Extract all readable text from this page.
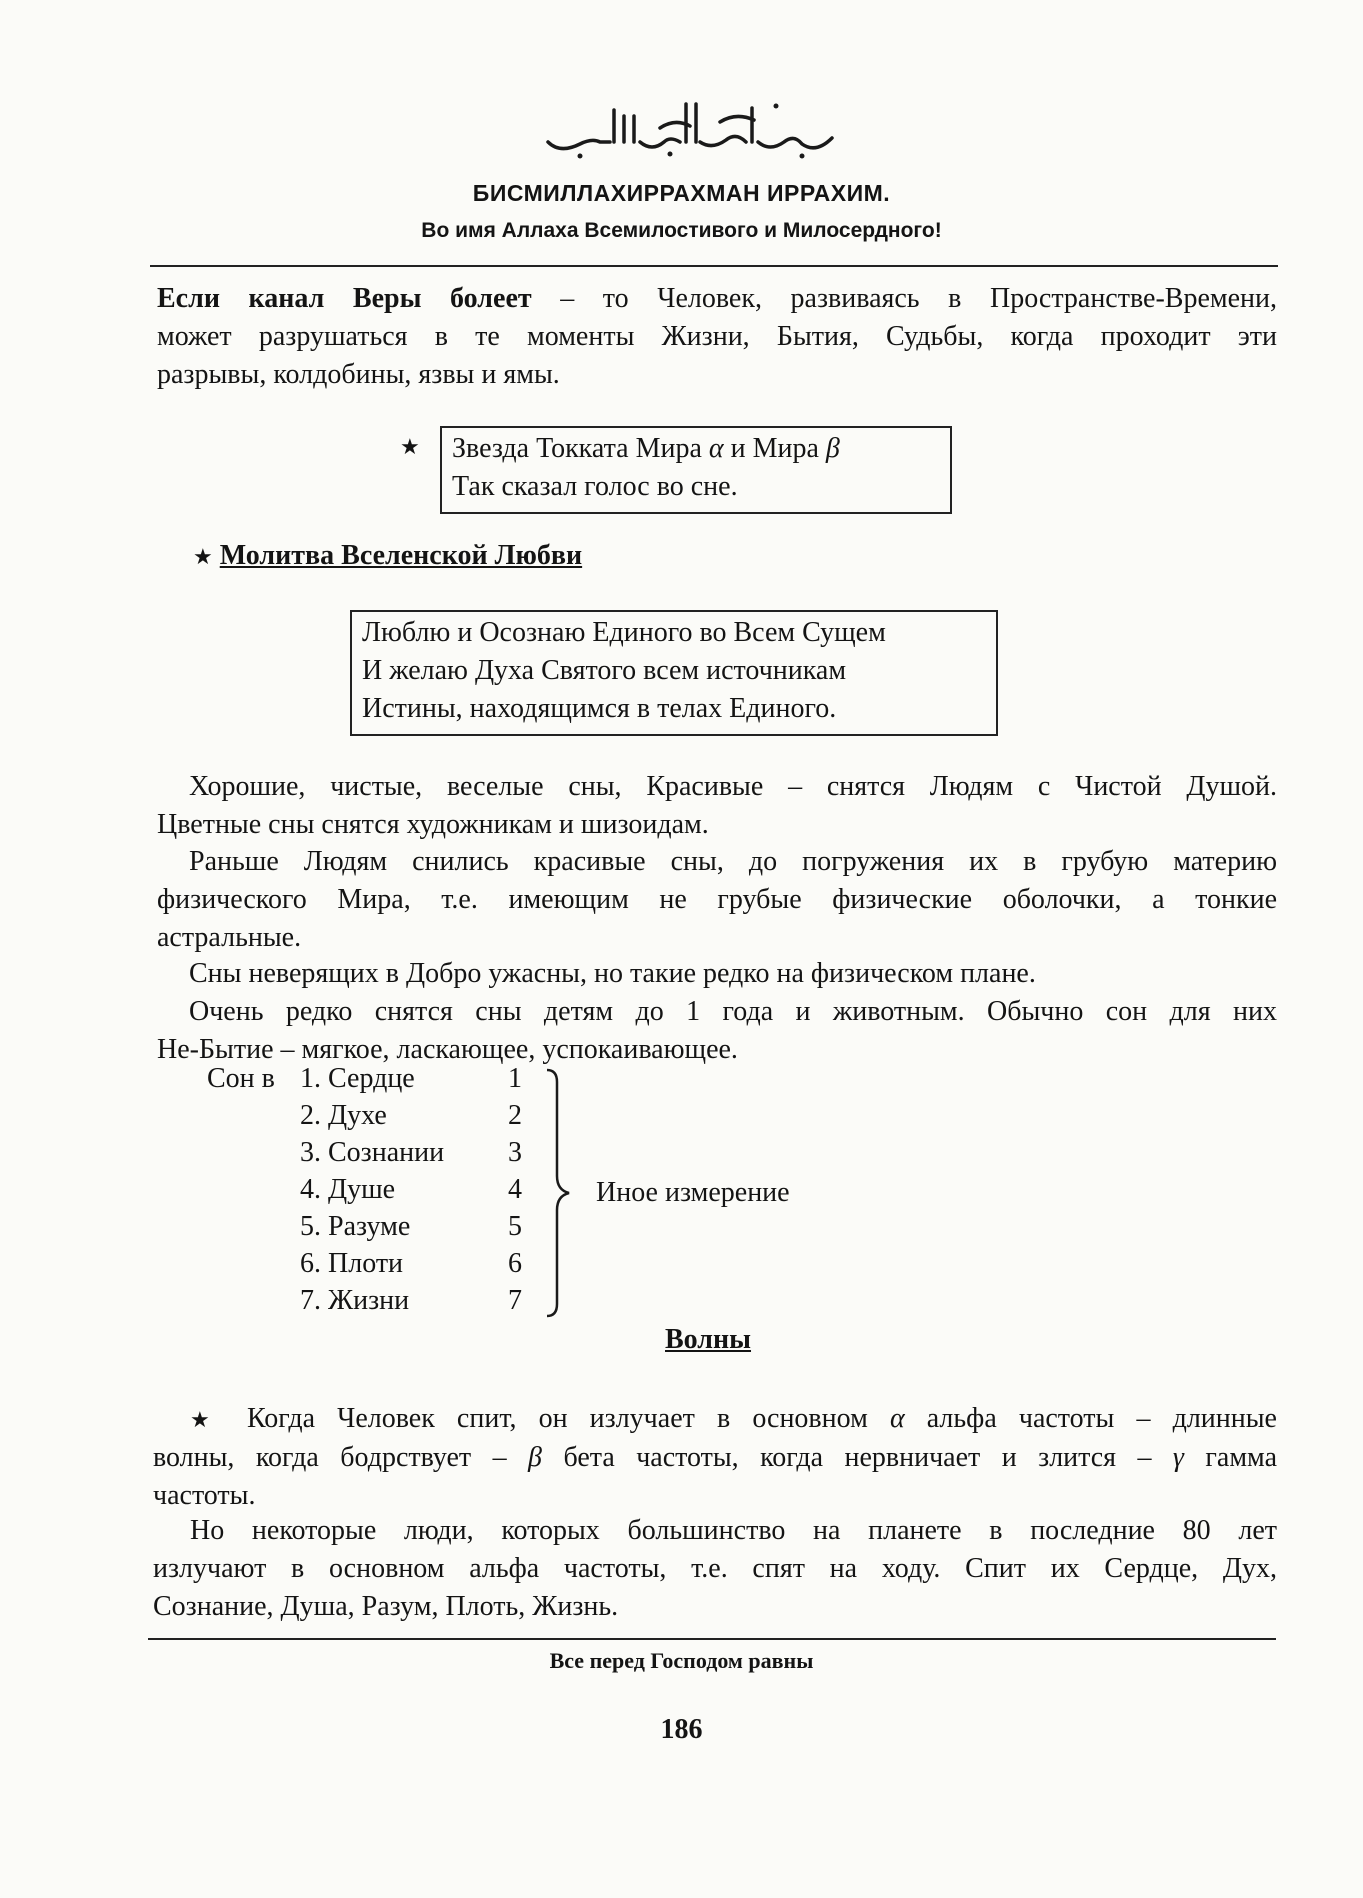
БИСМИЛЛАХИРРАХМАН ИРРАХИМ.
Во имя Аллаха Всемилостивого и Милосердного!
Если канал Веры болеет – то Человек, развиваясь в Пространстве-Времени,
может разрушаться в те моменты Жизни, Бытия, Судьбы, когда проходит эти
разрывы, колдобины, язвы и ямы.
★ Звезда Токката Мира α и Мира β
Так сказал голос во сне.
★ Молитва Вселенской Любви
Люблю и Осознаю Единого во Всем Сущем
И желаю Духа Святого всем источникам
Истины, находящимся в телах Единого.
Хорошие, чистые, веселые сны, Красивые – снятся Людям с Чистой Душой.
Цветные сны снятся художникам и шизоидам.
Раньше Людям снились красивые сны, до погружения их в грубую материю
физического Мира, т.е. имеющим не грубые физические оболочки, а тонкие
астральные.
Сны неверящих в Добро ужасны, но такие редко на физическом плане.
Очень редко снятся сны детям до 1 года и животным. Обычно сон для них
Не-Бытие – мягкое, ласкающее, успокаивающее.
Сон в 1. Сердце	1
2. Духе	2
3. Сознании 3
4. Душе	4
5. Разуме	5
6. Плоти	6
7. Жизни	7
Иное измерение
Волны
★ Когда Человек спит, он излучает в основном α альфа частоты – длинные
волны, когда бодрствует – β бета частоты, когда нервничает и злится – γ гамма
частоты.
Но некоторые люди, которых большинство на планете в последние 80 лет
излучают в основном альфа частоты, т.е. спят на ходу. Спит их Сердце, Дух,
Сознание, Душа, Разум, Плоть, Жизнь.
Все перед Господом равны
186
